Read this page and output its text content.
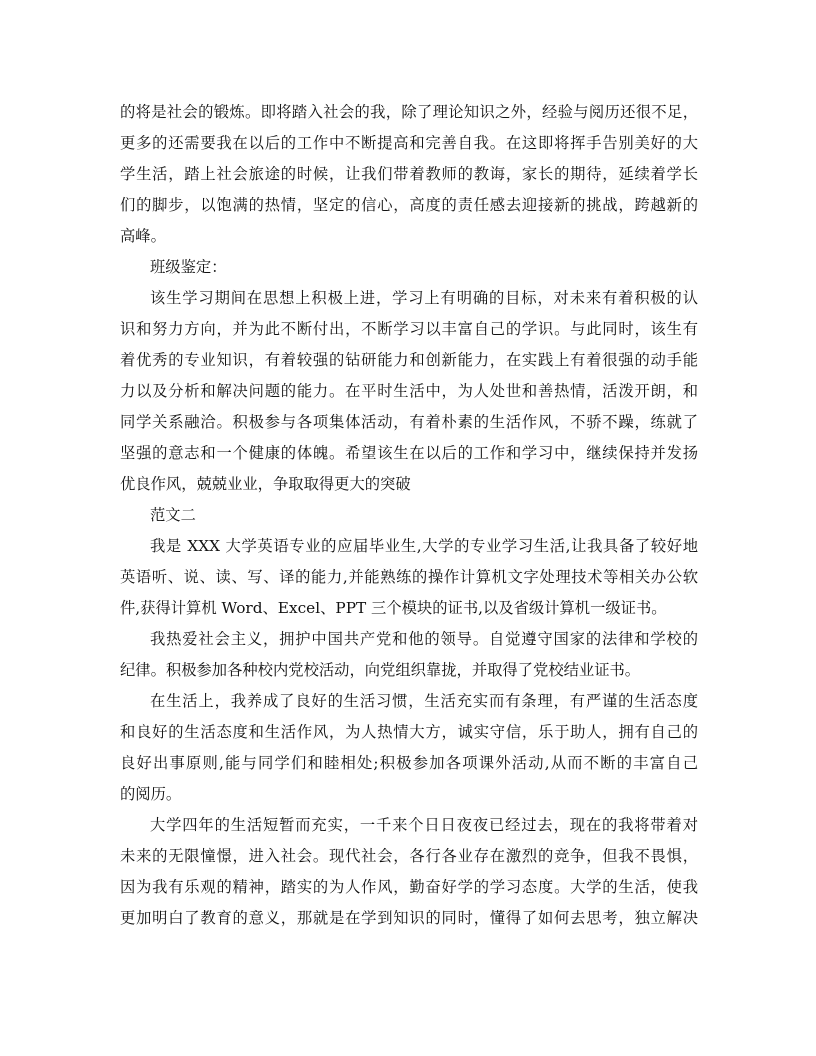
的将是社会的锻炼。即将踏入社会的我，除了理论知识之外，经验与阅历还很不足，
更多的还需要我在以后的工作中不断提高和完善自我。在这即将挥手告别美好的大
学生活，踏上社会旅途的时候，让我们带着教师的教诲，家长的期待，延续着学长
们的脚步，以饱满的热情，坚定的信心，高度的责任感去迎接新的挑战，跨越新的
高峰。
班级鉴定：
该生学习期间在思想上积极上进，学习上有明确的目标，对未来有着积极的认
识和努力方向，并为此不断付出，不断学习以丰富自己的学识。与此同时，该生有
着优秀的专业知识，有着较强的钻研能力和创新能力，在实践上有着很强的动手能
力以及分析和解决问题的能力。在平时生活中，为人处世和善热情，活泼开朗，和
同学关系融洽。积极参与各项集体活动，有着朴素的生活作风，不骄不躁，练就了
坚强的意志和一个健康的体魄。希望该生在以后的工作和学习中，继续保持并发扬
优良作风，兢兢业业，争取取得更大的突破
范文二
我是 XXX 大学英语专业的应届毕业生,大学的专业学习生活,让我具备了较好地
英语听、说、读、写、译的能力,并能熟练的操作计算机文字处理技术等相关办公软
件,获得计算机 Word、Excel、PPT 三个模块的证书,以及省级计算机一级证书。
我热爱社会主义，拥护中国共产党和他的领导。自觉遵守国家的法律和学校的
纪律。积极参加各种校内党校活动，向党组织靠拢，并取得了党校结业证书。
在生活上，我养成了良好的生活习惯，生活充实而有条理，有严谨的生活态度
和良好的生活态度和生活作风，为人热情大方，诚实守信，乐于助人，拥有自己的
良好出事原则,能与同学们和睦相处;积极参加各项课外活动,从而不断的丰富自己
的阅历。
大学四年的生活短暂而充实，一千来个日日夜夜已经过去，现在的我将带着对
未来的无限憧憬，进入社会。现代社会，各行各业存在激烈的竞争，但我不畏惧，
因为我有乐观的精神，踏实的为人作风，勤奋好学的学习态度。大学的生活，使我
更加明白了教育的意义，那就是在学到知识的同时，懂得了如何去思考，独立解决
